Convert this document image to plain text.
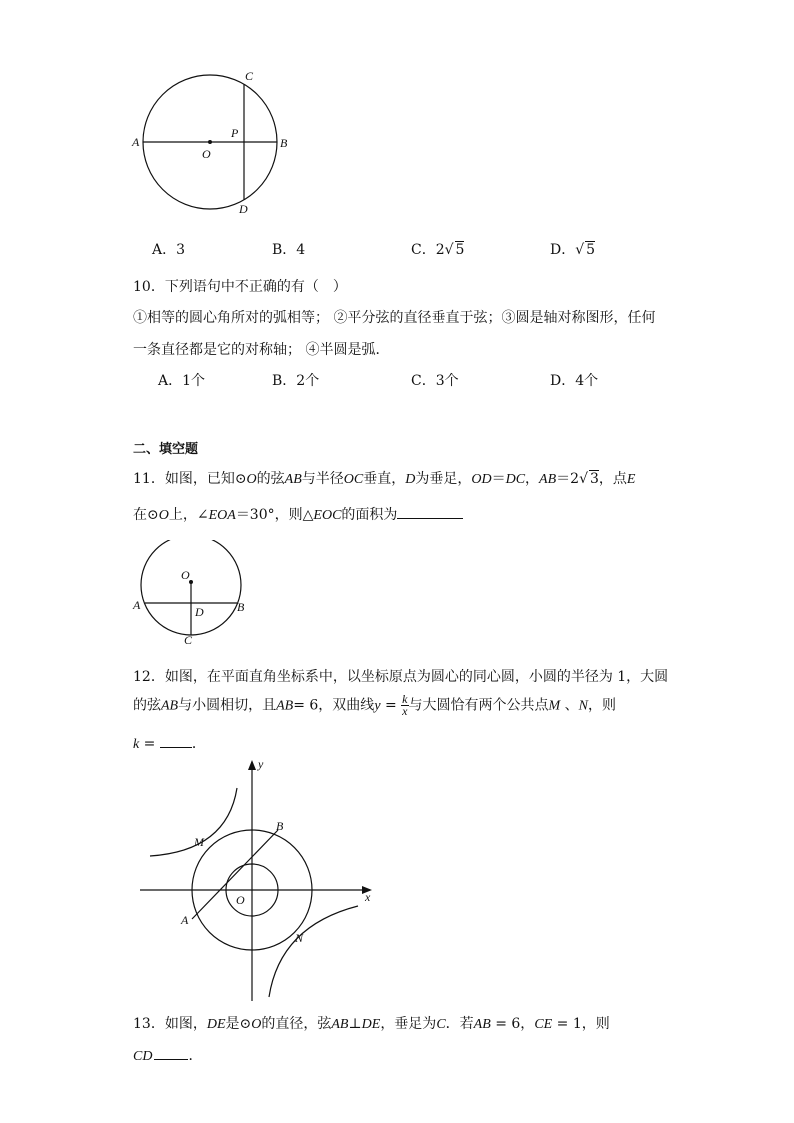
A	B
C
D
O
P
A．3	B．4	C．2√ 5	D．√ 5
10．下列语句中不正确的有（　）
①相等的圆心角所对的弧相等； ②平分弦的直径垂直于弦；③圆是轴对称图形，任何
一条直径都是它的对称轴； ④半圆是弧．
A．1个	B．2个	C．3个	D．4个
二、填空题
11．如图，已知⊙O的弦AB与半径OC垂直，D为垂足，OD＝DC，AB＝2√ 3，点E
在⊙O上，∠EOA＝30°，则△EOC的面积为
O
A	B
D
C
12．如图，在平面直角坐标系中，以坐标原点为圆心的同心圆，小圆的半径为 1，大圆
的弦AB与小圆相切，且AB= 6，双曲线$y = \frac{k}{x}$ 与大圆恰有两个公共点M 、N，则
k = ．
y
x
O
A
B
M
N
13．如图，DE是⊙O的直径，弦AB⊥DE，垂足为C．若AB = 6，CE = 1，则
CD	．
